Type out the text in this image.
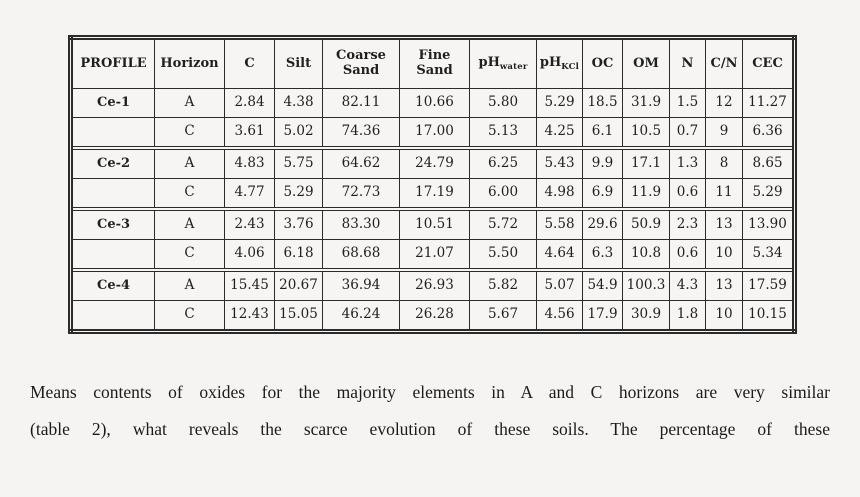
PROFILE	Horizon	C	Silt	Coarse Sand	Fine Sand	$pH_{water}$	$pH_{KCl}$	OC	OM	N	C/N	CEC
Ce-1	A	2.84	4.38	82.11	10.66	5.80	5.29	18.5	31.9	1.5	12	11.27
	C	3.61	5.02	74.36	17.00	5.13	4.25	6.1	10.5	0.7	9	6.36
Ce-2	A	4.83	5.75	64.62	24.79	6.25	5.43	9.9	17.1	1.3	8	8.65
	C	4.77	5.29	72.73	17.19	6.00	4.98	6.9	11.9	0.6	11	5.29
Ce-3	A	2.43	3.76	83.30	10.51	5.72	5.58	29.6	50.9	2.3	13	13.90
	C	4.06	6.18	68.68	21.07	5.50	4.64	6.3	10.8	0.6	10	5.34
Ce-4	A	15.45	20.67	36.94	26.93	5.82	5.07	54.9	100.3	4.3	13	17.59
	C	12.43	15.05	46.24	26.28	5.67	4.56	17.9	30.9	1.8	10	10.15
Means contents of oxides for the majority elements in A and C horizons are very similar
(table 2), what reveals the scarce evolution of these soils. The percentage of these
